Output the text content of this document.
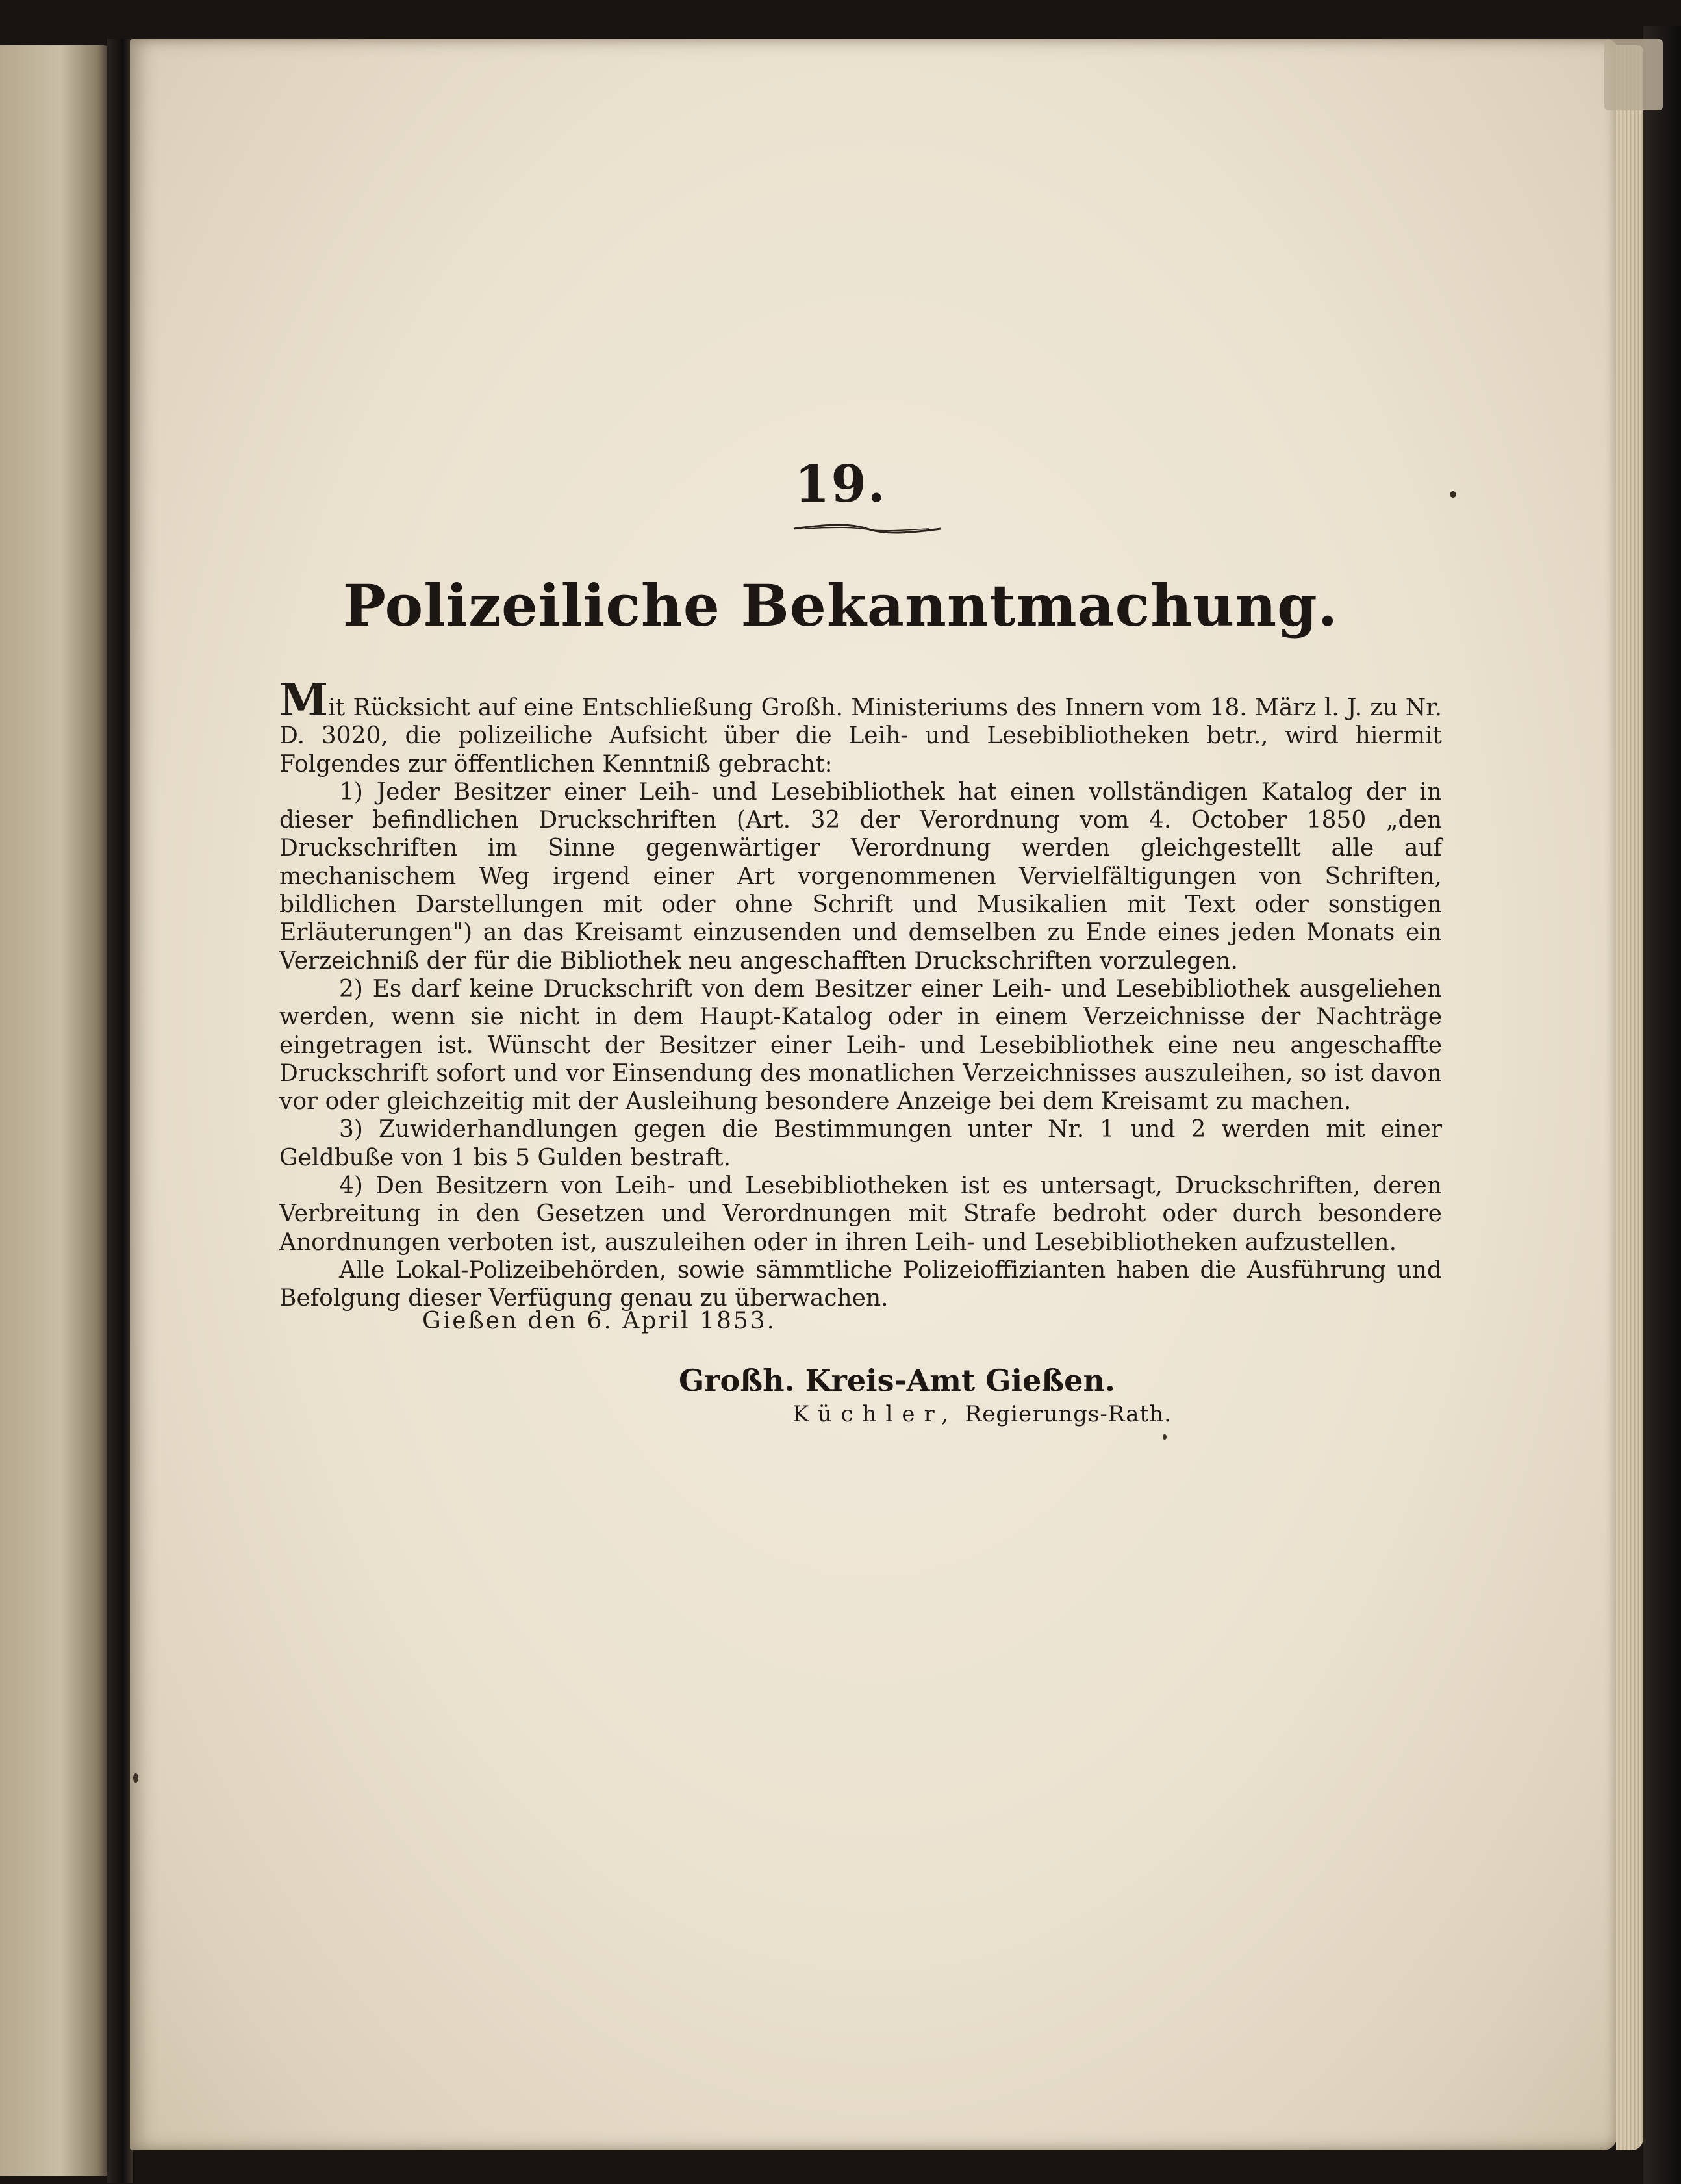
19.
Polizeiliche Bekanntmachung.

Mit Rücksicht auf eine Entschließung Großh. Ministeriums des Innern vom 18. März l. J. zu Nr. D. 3020, die polizeiliche Aufsicht über die Leih- und Lesebibliotheken betr., wird hiermit Folgendes zur öffentlichen Kenntniß gebracht:

1) Jeder Besitzer einer Leih- und Lesebibliothek hat einen vollständigen Katalog der in dieser befindlichen Druckschriften (Art. 32 der Verordnung vom 4. October 1850 „den Druckschriften im Sinne gegenwärtiger Verordnung werden gleichgestellt alle auf mechanischem Weg irgend einer Art vorgenommenen Vervielfältigungen von Schriften, bildlichen Darstellungen mit oder ohne Schrift und Musikalien mit Text oder sonstigen Erläuterungen") an das Kreisamt einzusenden und demselben zu Ende eines jeden Monats ein Verzeichniß der für die Bibliothek neu angeschafften Druckschriften vorzulegen.

2) Es darf keine Druckschrift von dem Besitzer einer Leih- und Lesebibliothek ausgeliehen werden, wenn sie nicht in dem Haupt-Katalog oder in einem Verzeichnisse der Nachträge eingetragen ist. Wünscht der Besitzer einer Leih- und Lesebibliothek eine neu angeschaffte Druckschrift sofort und vor Einsendung des monatlichen Verzeichnisses auszuleihen, so ist davon vor oder gleichzeitig mit der Ausleihung besondere Anzeige bei dem Kreisamt zu machen.

3) Zuwiderhandlungen gegen die Bestimmungen unter Nr. 1 und 2 werden mit einer Geldbuße von 1 bis 5 Gulden bestraft.

4) Den Besitzern von Leih- und Lesebibliotheken ist es untersagt, Druckschriften, deren Verbreitung in den Gesetzen und Verordnungen mit Strafe bedroht oder durch besondere Anordnungen verboten ist, auszuleihen oder in ihren Leih- und Lesebibliotheken aufzustellen.

Alle Lokal-Polizeibehörden, sowie sämmtliche Polizeioffizianten haben die Ausführung und Befolgung dieser Verfügung genau zu überwachen.

Gießen den 6. April 1853.
Großh. Kreis-Amt Gießen.
Küchler, Regierungs-Rath.
